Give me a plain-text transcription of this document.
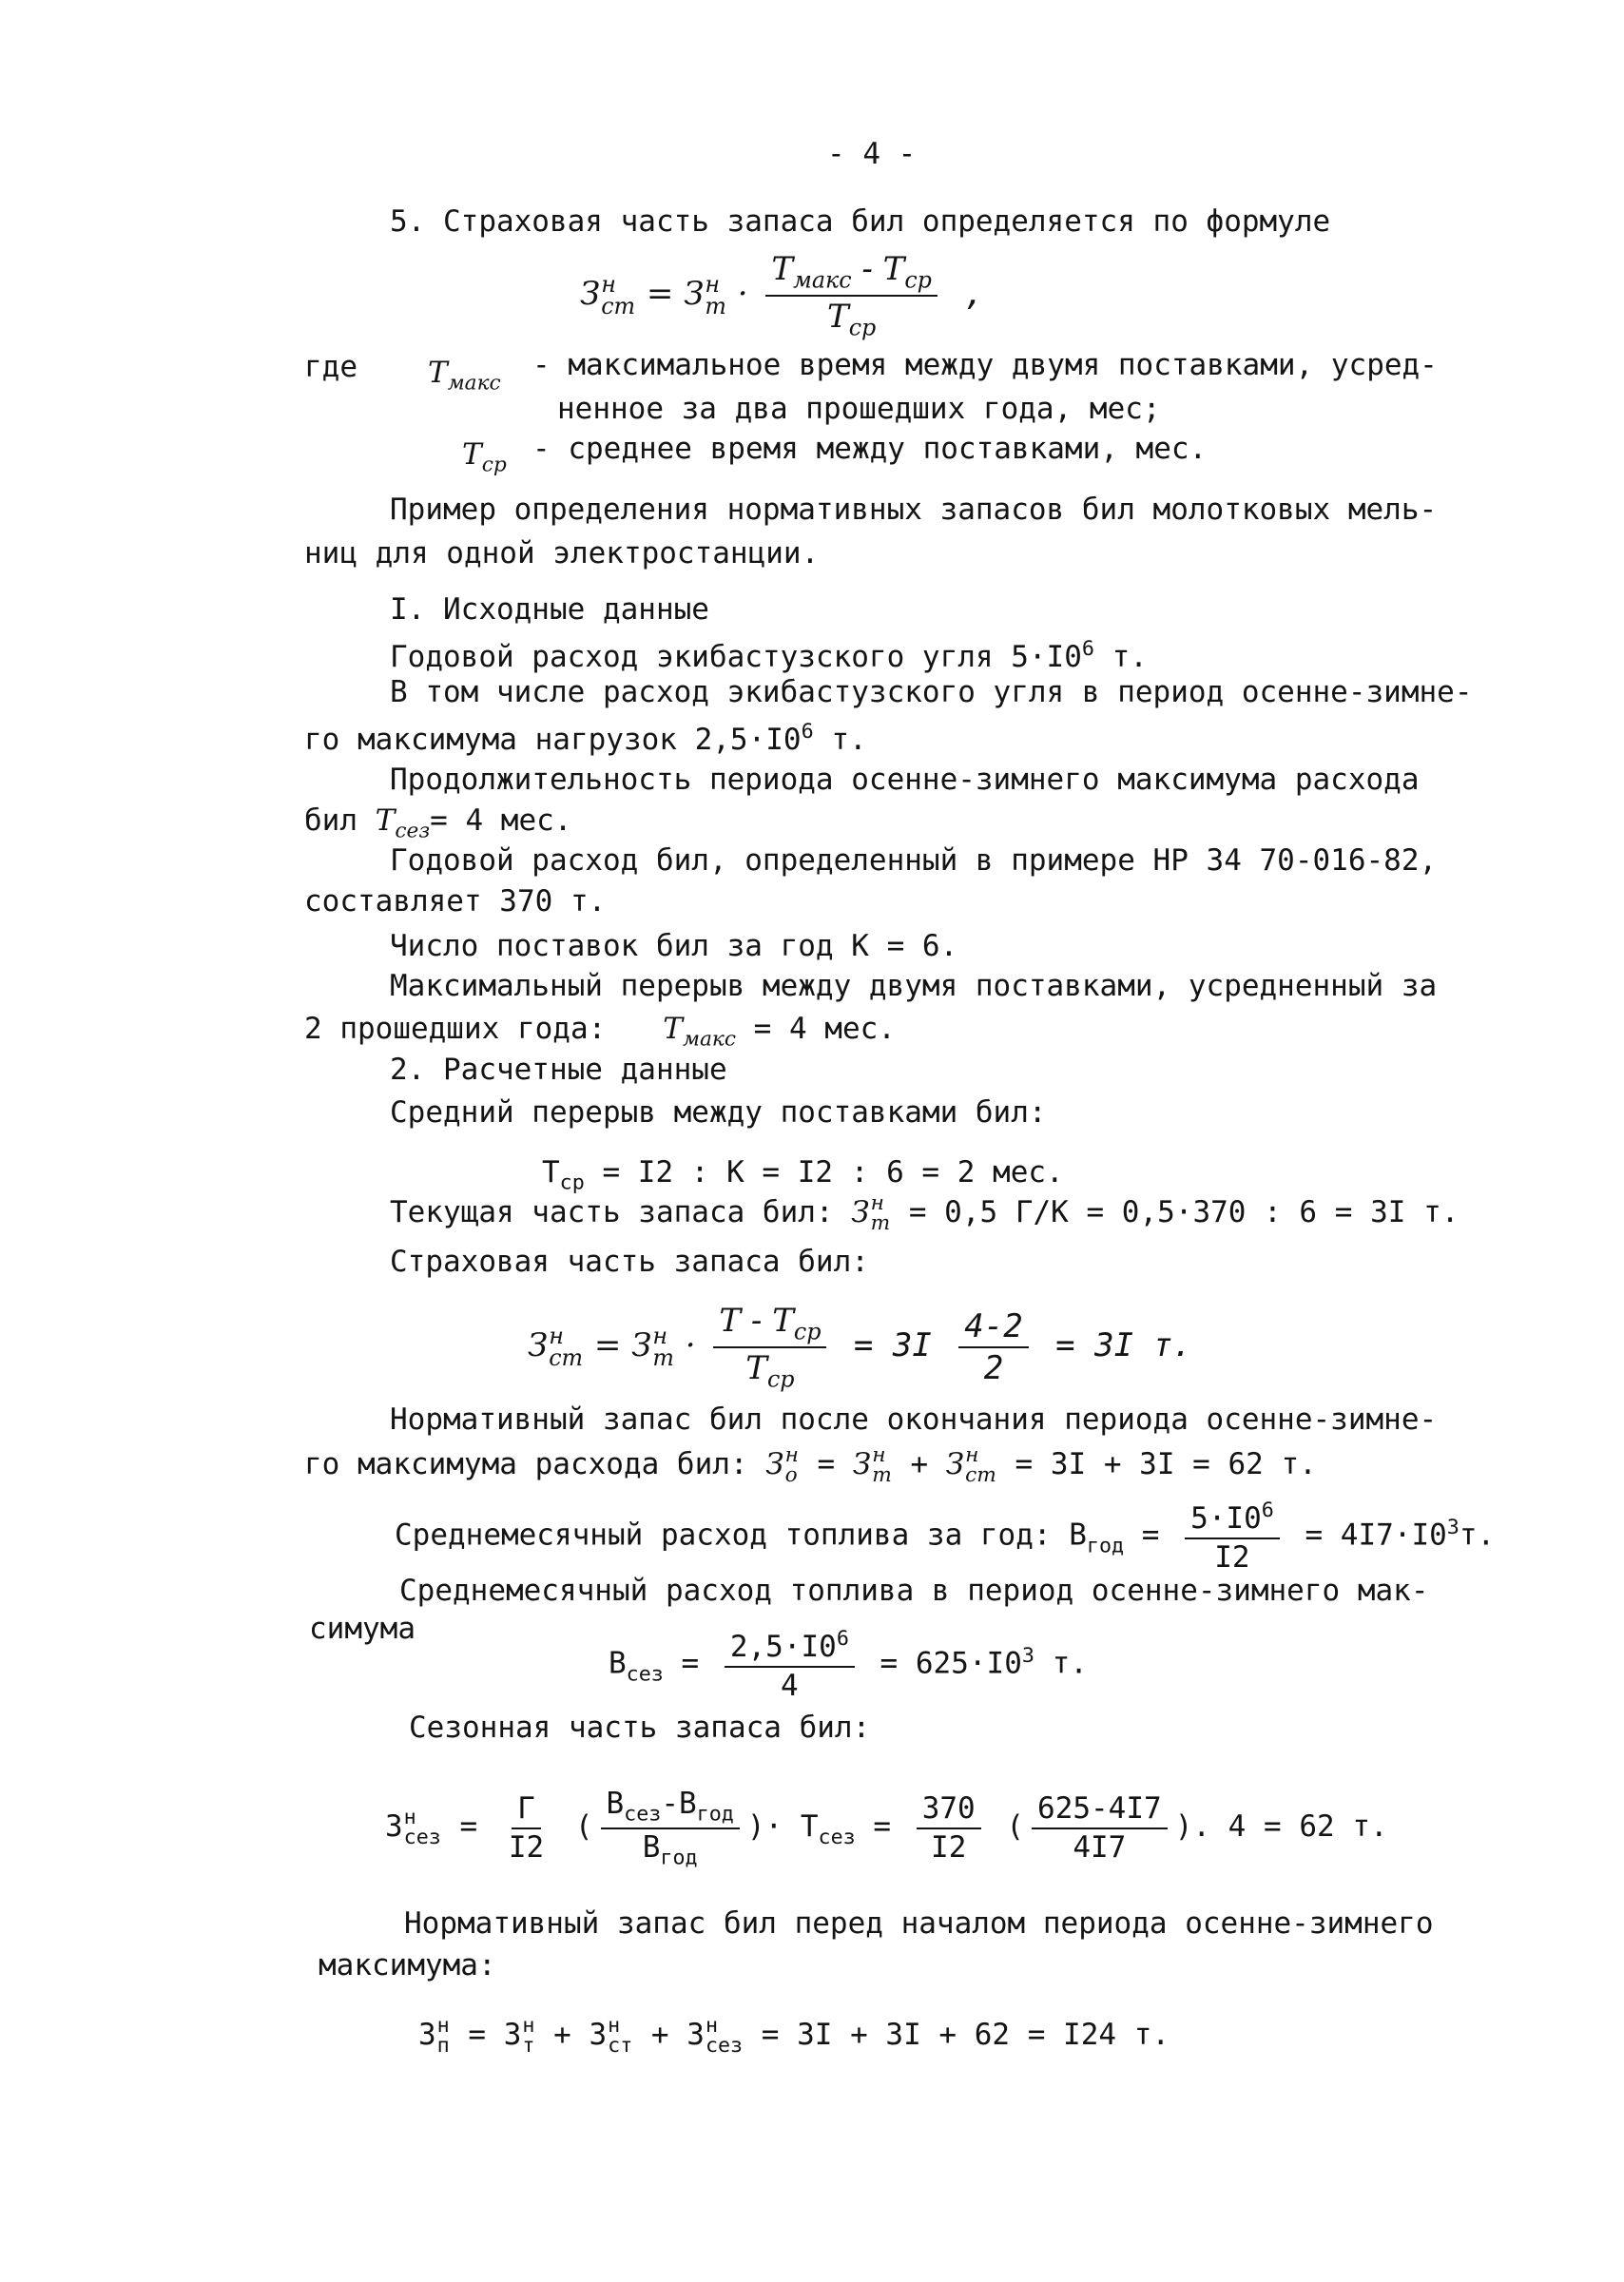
- 4 -
5. Страховая часть запаса бил определяется по формуле
З н
ст = З н
$т \cdot \frac{Т_{макс} - Т_{ср}}{Т_{ср}}$ ,
где $Т_{макс}$
- максимальное время между двумя поставками, усред-
ненное за два прошедших года, мес;
$Т_{ср}$ - среднее время между поставками, мес.
Пример определения нормативных запасов бил молотковых мель-
ниц для одной электростанции.
I. Исходные данные
Годовой расход экибастузского угля $5\cdot I0^6$ т.
В том числе расход экибастузского угля в период осенне-зимне-
го максимума нагрузок $2,5\cdot I0^6$ т.
Продолжительность периода осенне-зимнего максимума расхода
бил $Т_{сез}= 4$ мес.
Годовой расход бил, определенный в примере НР 34 70-016-82,
составляет 370 т.
Число поставок бил за год К = 6.
Максимальный перерыв между двумя поставками, усредненный за
2 прошедших года: $Т_{макс} = 4$ мес.
2. Расчетные данные
Средний перерыв между поставками бил:
$Т_{ср} = I2$ : К = I2 : 6 = 2 мес.
Текущая часть запаса бил: З н
т = 0,5 Г/К = 0,5·370 : 6 = 3I т.
Страховая часть запаса бил:
З н
ст = З н
$т \cdot \frac{Т - Т_{ср}}{Т_{ср}} = 3I \frac{4-2}{2} = 3I$ т.
Нормативный запас бил после окончания периода осенне-зимне-
го максимума расхода бил: З н
о = З н
т + З н
ст = 3I + 3I = 62 т.
Среднемесячный расход топлива за год: $В_{год} = \frac{5\cdot I0^6}{I2} = 4I7\cdot I0^3т$.
Среднемесячный расход топлива в период осенне-зимнего мак-
симума
$В_{сез} = \frac{2,5\cdot I0^6}{4} = 625\cdot I0^3$ т.
Сезонная часть запаса бил:
З н
сез = $\frac{Г}{I2}$ ( $\frac{В_{сез}-В_{год}}{В_{год}}$ )· $Т_{сез} = \frac{370}{I2}$ ( $\frac{625-4I7}{4I7}$ ). 4 = 62 т.
Нормативный запас бил перед началом периода осенне-зимнего
максимума:
З н
п = З н
т + З н
ст + З н
сез = 3I + 3I + 62 = I24 т.
